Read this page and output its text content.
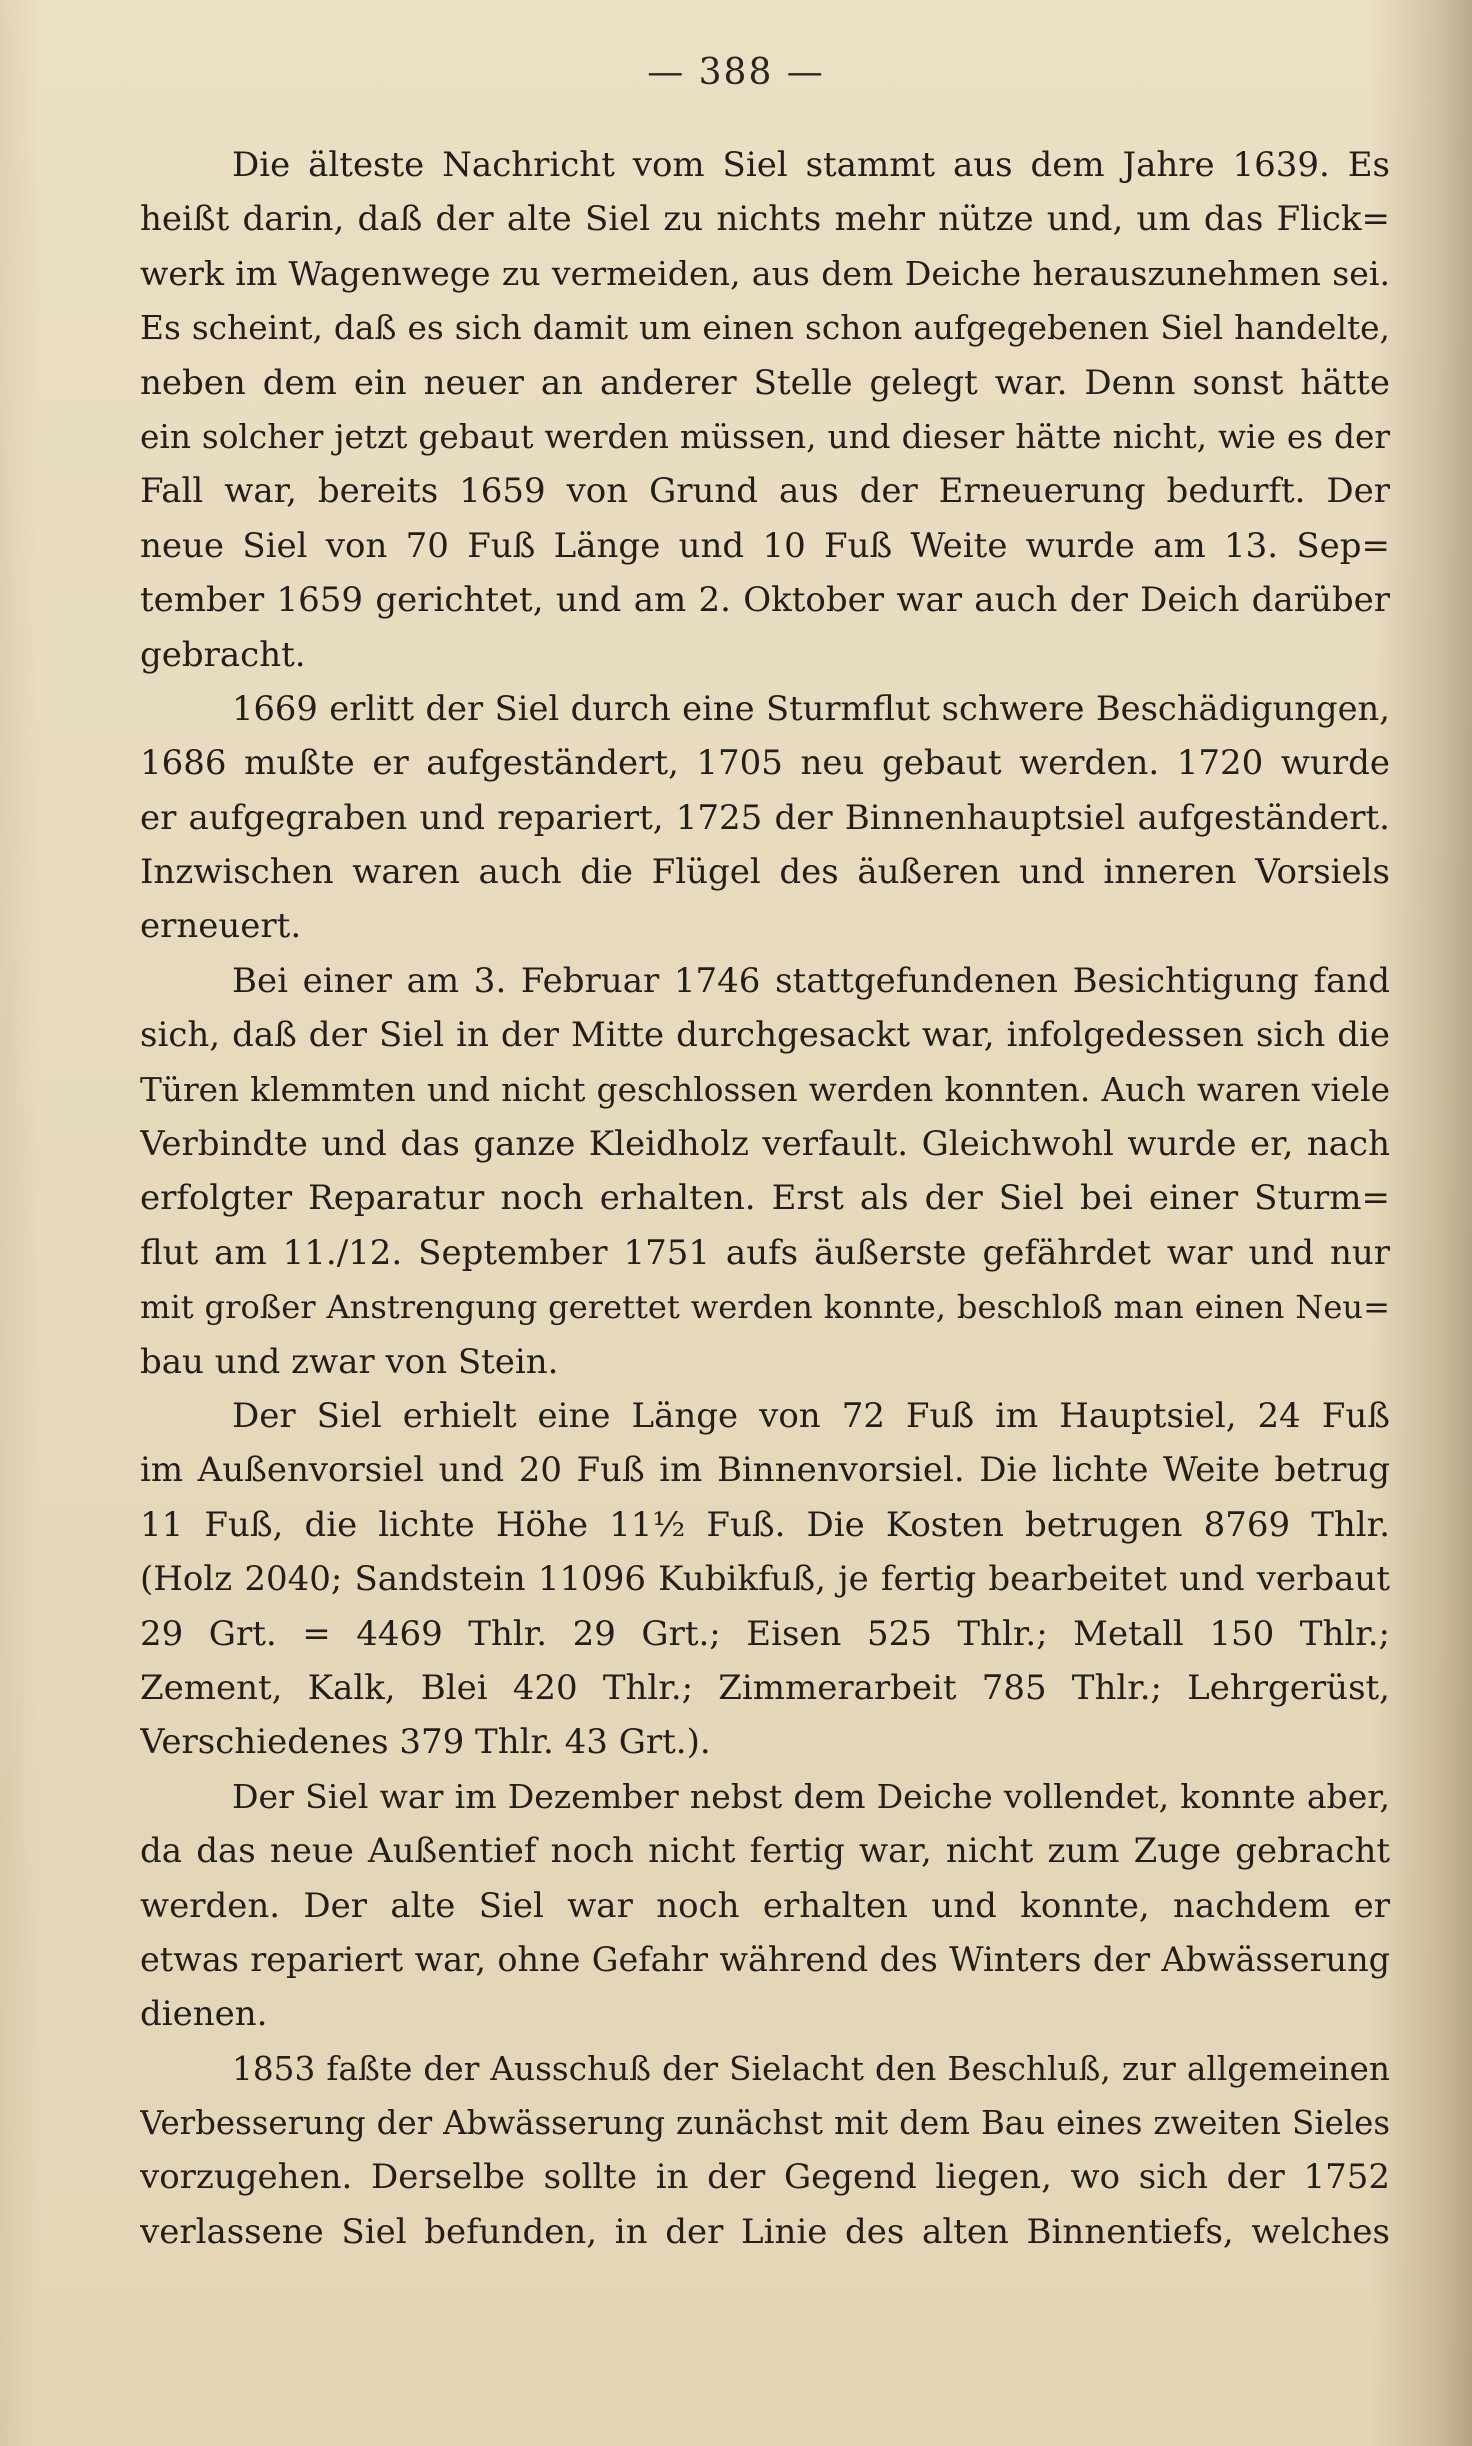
— 388 —
Die älteste Nachricht vom Siel stammt aus dem Jahre 1639. Es
heißt darin, daß der alte Siel zu nichts mehr nütze und, um das Flick=
werk im Wagenwege zu vermeiden, aus dem Deiche herauszunehmen sei.
Es scheint, daß es sich damit um einen schon aufgegebenen Siel handelte,
neben dem ein neuer an anderer Stelle gelegt war. Denn sonst hätte
ein solcher jetzt gebaut werden müssen, und dieser hätte nicht, wie es der
Fall war, bereits 1659 von Grund aus der Erneuerung bedurft. Der
neue Siel von 70 Fuß Länge und 10 Fuß Weite wurde am 13. Sep=
tember 1659 gerichtet, und am 2. Oktober war auch der Deich darüber
gebracht.
1669 erlitt der Siel durch eine Sturmflut schwere Beschädigungen,
1686 mußte er aufgeständert, 1705 neu gebaut werden. 1720 wurde
er aufgegraben und repariert, 1725 der Binnenhauptsiel aufgeständert.
Inzwischen waren auch die Flügel des äußeren und inneren Vorsiels
erneuert.
Bei einer am 3. Februar 1746 stattgefundenen Besichtigung fand
sich, daß der Siel in der Mitte durchgesackt war, infolgedessen sich die
Türen klemmten und nicht geschlossen werden konnten. Auch waren viele
Verbindte und das ganze Kleidholz verfault. Gleichwohl wurde er, nach
erfolgter Reparatur noch erhalten. Erst als der Siel bei einer Sturm=
flut am 11./12. September 1751 aufs äußerste gefährdet war und nur
mit großer Anstrengung gerettet werden konnte, beschloß man einen Neu=
bau und zwar von Stein.
Der Siel erhielt eine Länge von 72 Fuß im Hauptsiel, 24 Fuß
im Außenvorsiel und 20 Fuß im Binnenvorsiel. Die lichte Weite betrug
11 Fuß, die lichte Höhe 11½ Fuß. Die Kosten betrugen 8769 Thlr.
(Holz 2040; Sandstein 11096 Kubikfuß, je fertig bearbeitet und verbaut
29 Grt. = 4469 Thlr. 29 Grt.; Eisen 525 Thlr.; Metall 150 Thlr.;
Zement, Kalk, Blei 420 Thlr.; Zimmerarbeit 785 Thlr.; Lehrgerüst,
Verschiedenes 379 Thlr. 43 Grt.).
Der Siel war im Dezember nebst dem Deiche vollendet, konnte aber,
da das neue Außentief noch nicht fertig war, nicht zum Zuge gebracht
werden. Der alte Siel war noch erhalten und konnte, nachdem er
etwas repariert war, ohne Gefahr während des Winters der Abwässerung
dienen.
1853 faßte der Ausschuß der Sielacht den Beschluß, zur allgemeinen
Verbesserung der Abwässerung zunächst mit dem Bau eines zweiten Sieles
vorzugehen. Derselbe sollte in der Gegend liegen, wo sich der 1752
verlassene Siel befunden, in der Linie des alten Binnentiefs, welches
